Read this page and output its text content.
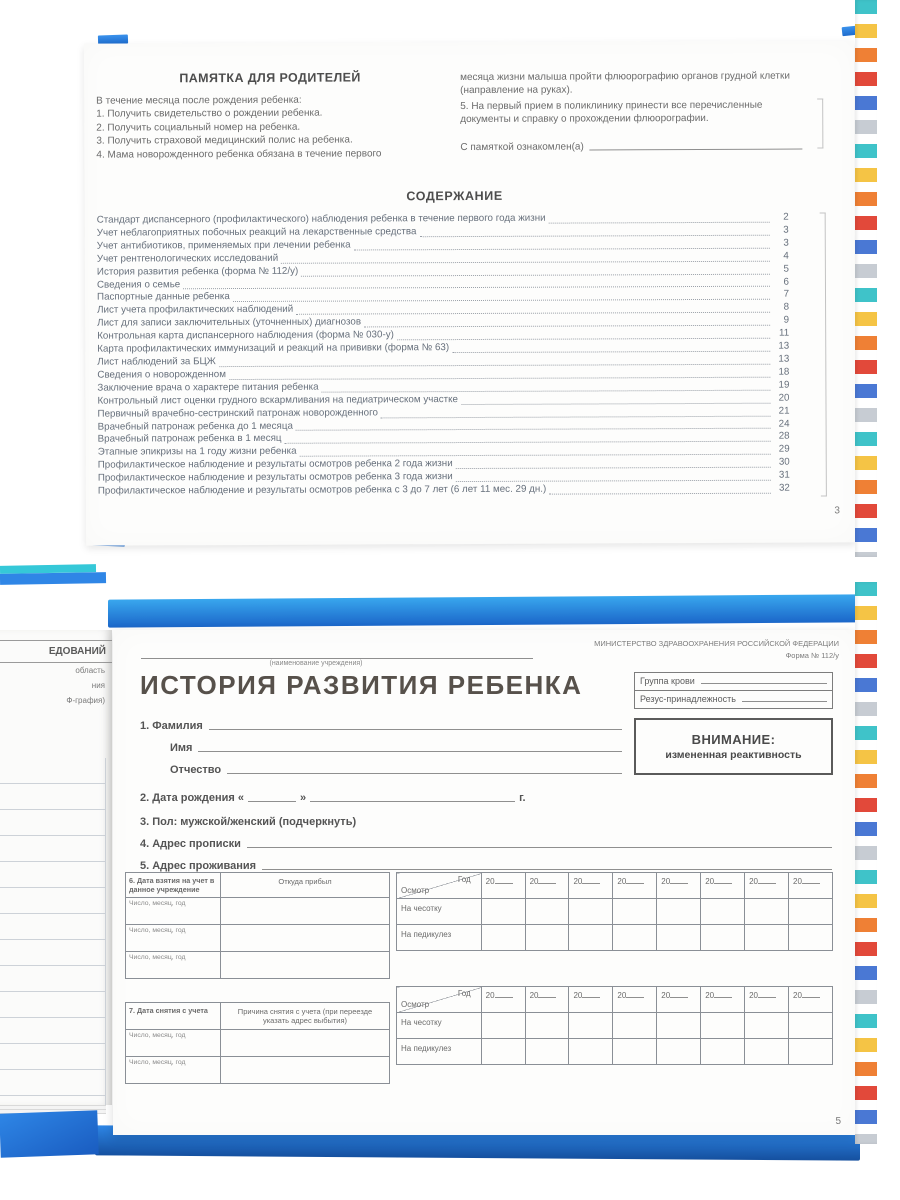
ПАМЯТКА ДЛЯ РОДИТЕЛЕЙ

В течение месяца после рождения ребенка:

1. Получить свидетельство о рождении ребенка.

2. Получить социальный номер на ребенка.

3. Получить страховой медицинский полис на ребенка.

4. Мама новорожденного ребенка обязана в течение первого

месяца жизни малыша пройти флюорографию органов грудной клетки (направление на руках).

5. На первый прием в поликлинику принести все перечисленные документы и справку о прохождении флюорографии.

С памяткой ознакомлен(а)
СОДЕРЖАНИЕ
Стандарт диспансерного (профилактического) наблюдения ребенка в течение первого года жизни	2
Учет неблагоприятных побочных реакций на лекарственные средства	3
Учет антибиотиков, применяемых при лечении ребенка	3
Учет рентгенологических исследований	4
История развития ребенка (форма № 112/у)	5
Сведения о семье	6
Паспортные данные ребенка	7
Лист учета профилактических наблюдений	8
Лист для записи заключительных (уточненных) диагнозов	9
Контрольная карта диспансерного наблюдения (форма № 030-у)	11
Карта профилактических иммунизаций и реакций на прививки (форма № 63)	13
Лист наблюдений за БЦЖ	13
Сведения о новорожденном	18
Заключение врача о характере питания ребенка	19
Контрольный лист оценки грудного вскармливания на педиатрическом участке	20
Первичный врачебно-сестринский патронаж новорожденного	21
Врачебный патронаж ребенка до 1 месяца	24
Врачебный патронаж ребенка в 1 месяц	28
Этапные эпикризы на 1 году жизни ребенка	29
Профилактическое наблюдение и результаты осмотров ребенка 2 года жизни	30
Профилактическое наблюдение и результаты осмотров ребенка 3 года жизни	31
Профилактическое наблюдение и результаты осмотров ребенка с 3 до 7 лет (6 лет 11 мес. 29 дн.)	32
3
ЕДОВАНИЙ
область
ния
Ф-графия)
МИНИСТЕРСТВО ЗДРАВООХРАНЕНИЯ РОССИЙСКОЙ ФЕДЕРАЦИИ
Форма № 112/у
(наименование учреждения)
ИСТОРИЯ РАЗВИТИЯ РЕБЕНКА	Группа крови
Резус-принадлежность
ВНИМАНИЕ:
измененная реактивность
1. Фамилия
Имя
Отчество
2. Дата рождения «	»	г.
3. Пол: мужской/женский (подчеркнуть)
4. Адрес прописки
5. Адрес проживания
6. Дата взятия на учет в данное учреждение	Откуда прибыл
Число, месяц, год	
Число, месяц, год	
Число, месяц, год	
7. Дата снятия с учета	Причина снятия с учета (при переезде указать адрес выбытия)
Число, месяц, год	
Число, месяц, год	
Год
Осмотр	20	20	20	20	20	20	20	20
На чесотку								
На педикулез								
Год
Осмотр	20	20	20	20	20	20	20	20
На чесотку								
На педикулез								
5
